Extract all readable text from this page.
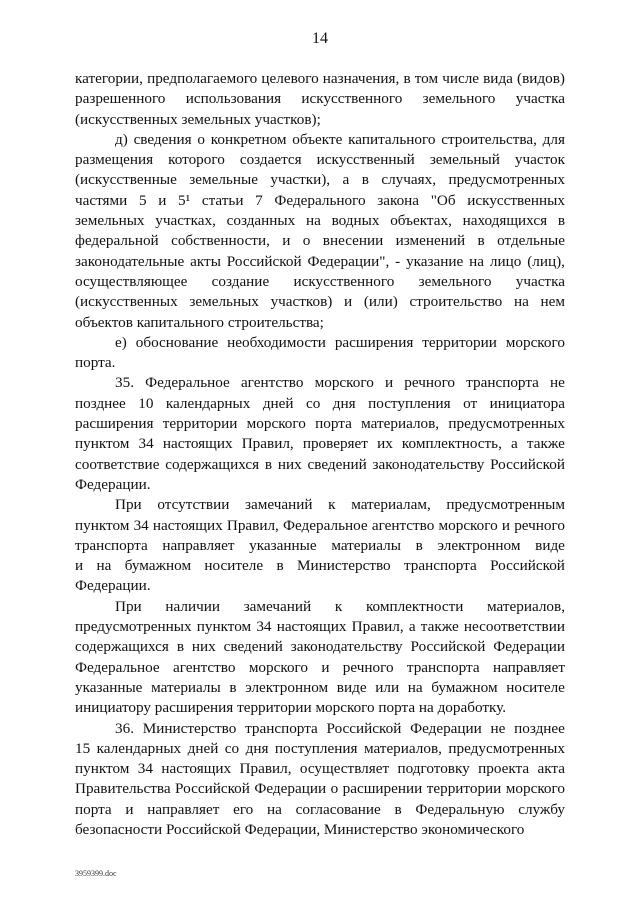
14
категории, предполагаемого целевого назначения, в том числе вида (видов)
разрешенного использования искусственного земельного участка
(искусственных земельных участков);
д) сведения о конкретном объекте капитального строительства, для
размещения которого создается искусственный земельный участок
(искусственные земельные участки), а в случаях, предусмотренных
частями 5 и 5¹ статьи 7 Федерального закона "Об искусственных
земельных участках, созданных на водных объектах, находящихся в
федеральной собственности, и о внесении изменений в отдельные
законодательные акты Российской Федерации", - указание на лицо (лиц),
осуществляющее создание искусственного земельного участка
(искусственных земельных участков) и (или) строительство на нем
объектов капитального строительства;
е) обоснование необходимости расширения территории морского
порта.
35. Федеральное агентство морского и речного транспорта не
позднее 10 календарных дней со дня поступления от инициатора
расширения территории морского порта материалов, предусмотренных
пунктом 34 настоящих Правил, проверяет их комплектность, а также
соответствие содержащихся в них сведений законодательству Российской
Федерации.
При отсутствии замечаний к материалам, предусмотренным
пунктом 34 настоящих Правил, Федеральное агентство морского и речного
транспорта направляет указанные материалы в электронном виде
и на бумажном носителе в Министерство транспорта Российской
Федерации.
При наличии замечаний к комплектности материалов,
предусмотренных пунктом 34 настоящих Правил, а также несоответствии
содержащихся в них сведений законодательству Российской Федерации
Федеральное агентство морского и речного транспорта направляет
указанные материалы в электронном виде или на бумажном носителе
инициатору расширения территории морского порта на доработку.
36. Министерство транспорта Российской Федерации не позднее
15 календарных дней со дня поступления материалов, предусмотренных
пунктом 34 настоящих Правил, осуществляет подготовку проекта акта
Правительства Российской Федерации о расширении территории морского
порта и направляет его на согласование в Федеральную службу
безопасности Российской Федерации, Министерство экономического
3959399.doc
